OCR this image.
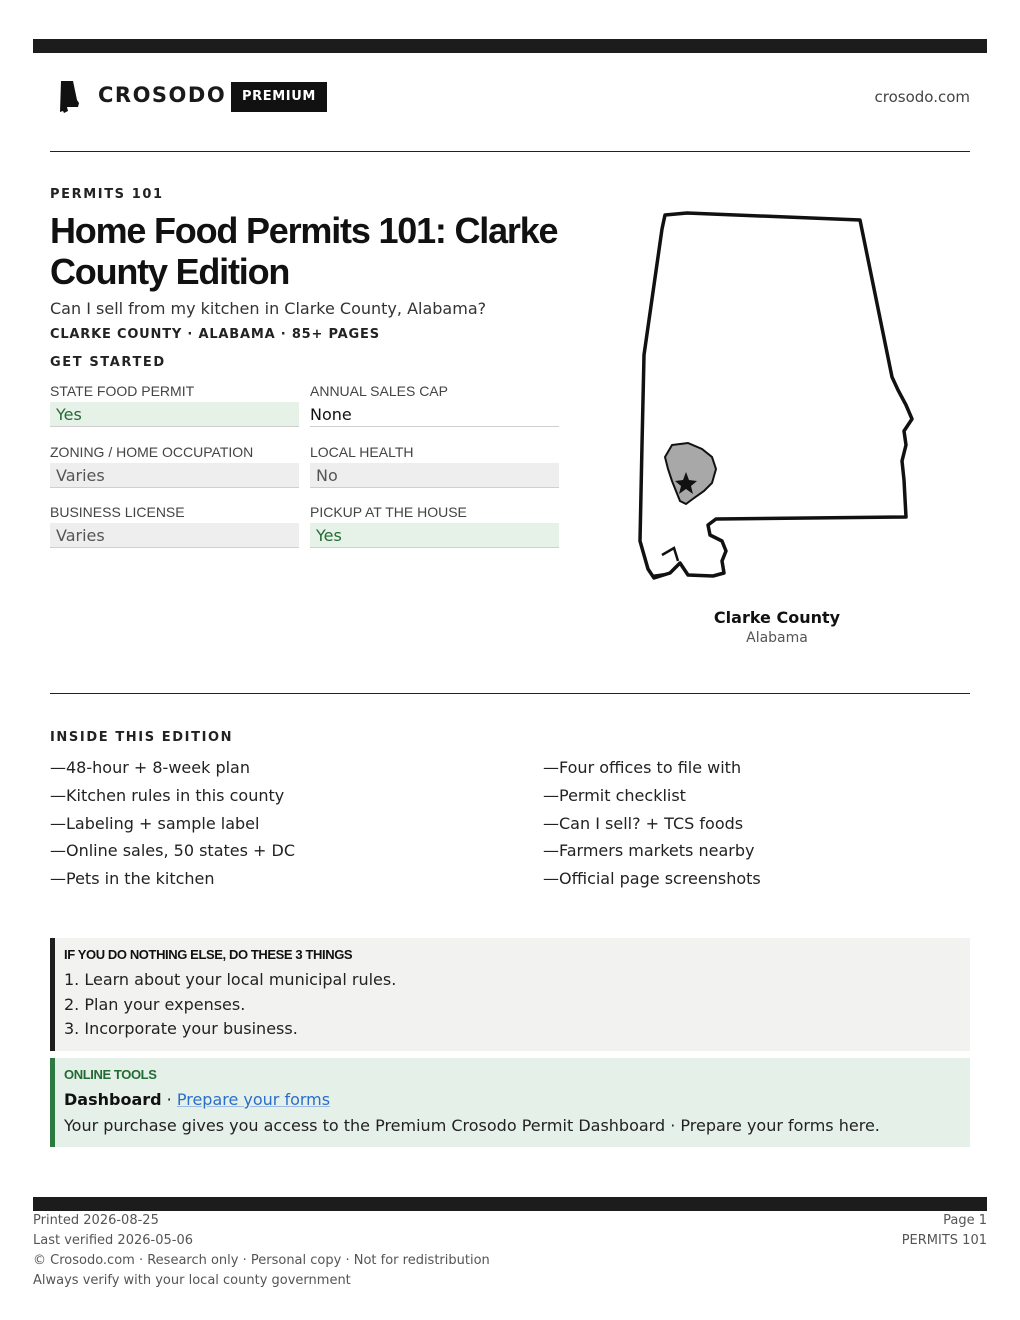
CROSODO	PREMIUM	crosodo.com
PERMITS 101
Home Food Permits 101: Clarke County Edition
Can I sell from my kitchen in Clarke County, Alabama?
CLARKE COUNTY · ALABAMA · 85+ PAGES
GET STARTED
STATE FOOD PERMIT
Yes
ANNUAL SALES CAP
None
ZONING / HOME OCCUPATION
Varies
LOCAL HEALTH
No
BUSINESS LICENSE
Varies
PICKUP AT THE HOUSE
Yes
Clarke County
Alabama
INSIDE THIS EDITION
—48-hour + 8-week plan
—Kitchen rules in this county
—Labeling + sample label
—Online sales, 50 states + DC
—Pets in the kitchen
—Four offices to file with
—Permit checklist
—Can I sell? + TCS foods
—Farmers markets nearby
—Official page screenshots
IF YOU DO NOTHING ELSE, DO THESE 3 THINGS
1. Learn about your local municipal rules.
2. Plan your expenses.
3. Incorporate your business.
ONLINE TOOLS
Dashboard · Prepare your forms
Your purchase gives you access to the Premium Crosodo Permit Dashboard · Prepare your forms here.
Printed 2026-08-25
Last verified 2026-05-06
© Crosodo.com · Research only · Personal copy · Not for redistribution
Always verify with your local county government
Page 1
PERMITS 101
